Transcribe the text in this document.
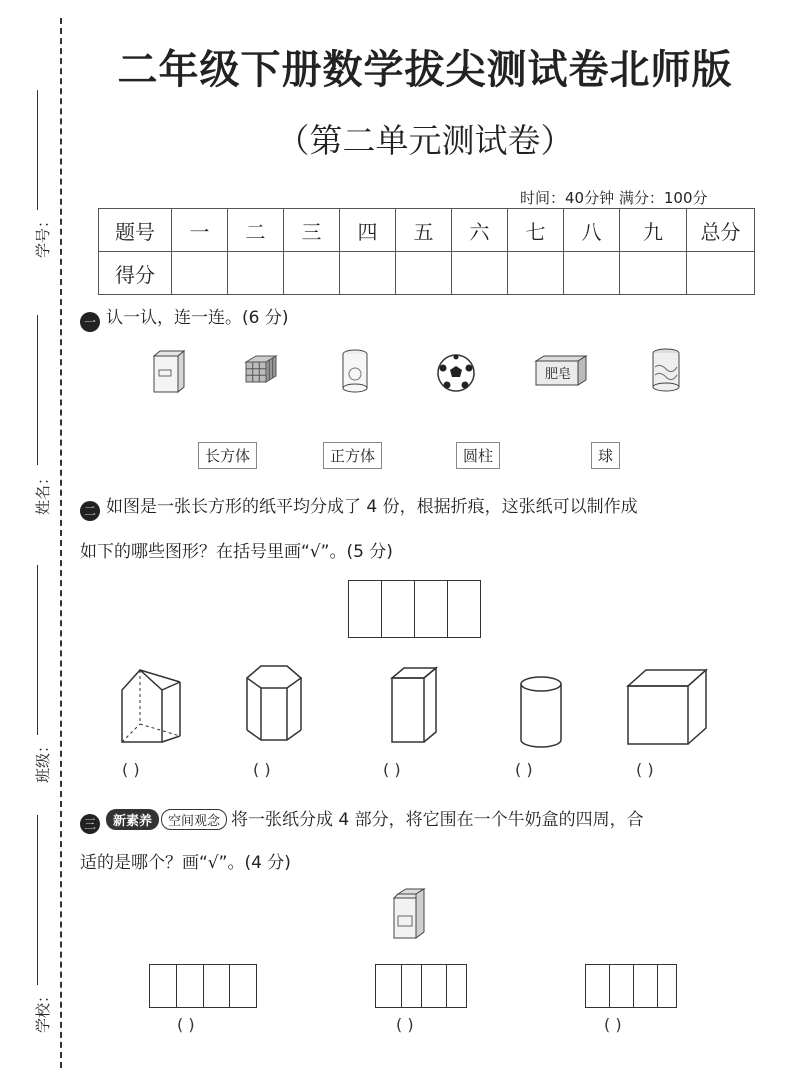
学号：
姓名：
班级：
学校：
二年级下册数学拔尖测试卷北师版
（第二单元测试卷）
时间：40分钟 满分：100分
题号	一	二	三	四	五	六	七	八	九	总分
得分										
一 认一认，连一连。(6 分)
肥皂
长方体	正方体	圆柱	球
二 如图是一张长方形的纸平均分成了 4 份，根据折痕，这张纸可以制作成
如下的哪些图形？在括号里画“√”。(5 分)
( )	( )	( )	( )	( )
三 新素养 空间观念 将一张纸分成 4 部分，将它围在一个牛奶盒的四周，合
适的是哪个？画“√”。(4 分)
( )	( )	( )
